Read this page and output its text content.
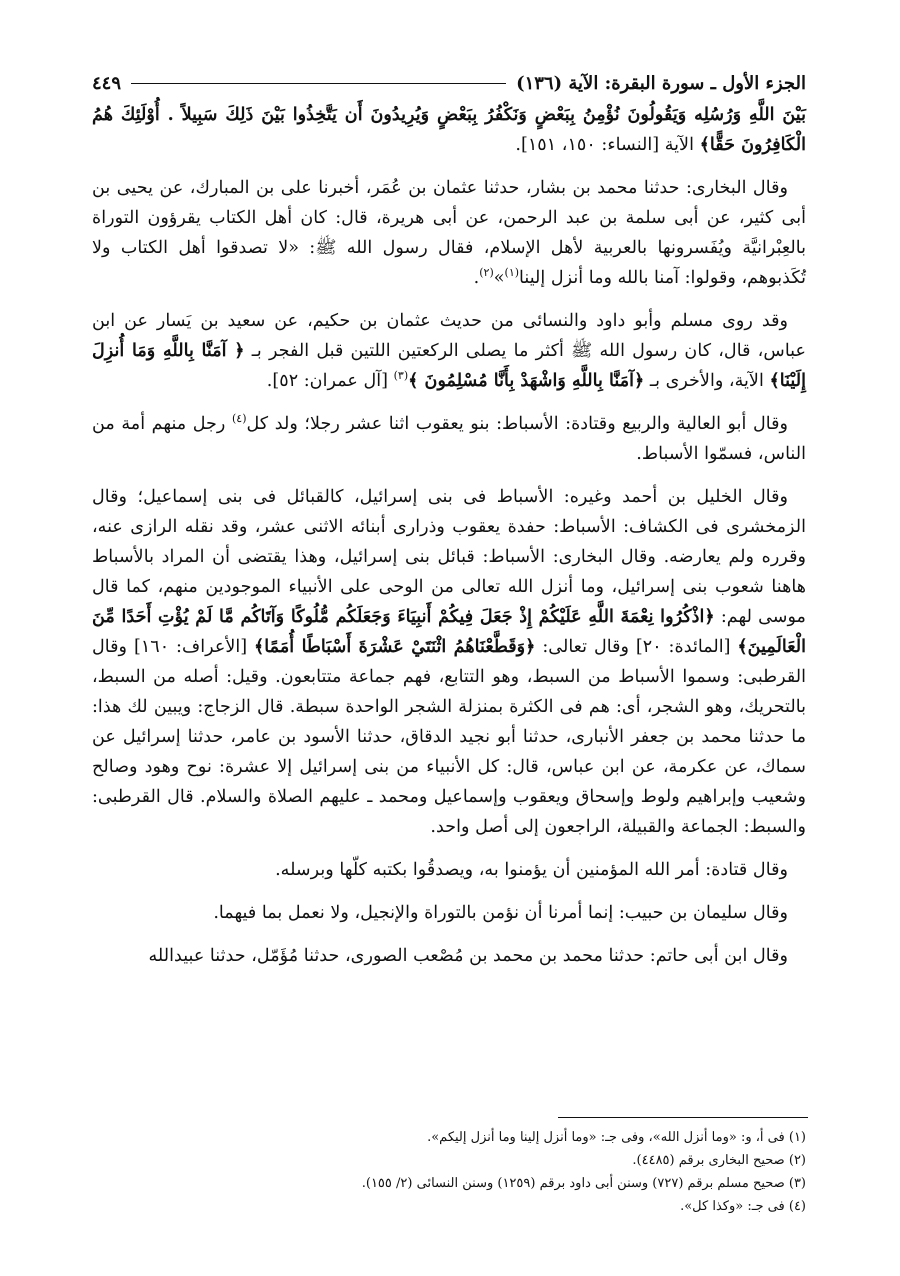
الجزء الأول ـ سورة البقرة: الآية (١٣٦)
٤٤٩

بَيْنَ اللَّهِ وَرُسُلِه وَيَقُولُونَ نُؤْمِنُ بِبَعْضٍ وَنَكْفُرُ بِبَعْضٍ وَيُرِيدُونَ أَن يَتَّخِذُوا بَيْنَ ذَلِكَ سَبِيلاً . أُوْلَئِكَ هُمُ الْكَافِرُونَ حَقًّا﴾ الآية [النساء: ١٥٠، ١٥١].

وقال البخارى: حدثنا محمد بن بشار، حدثنا عثمان بن عُمَر، أخبرنا على بن المبارك، عن يحيى بن أبى كثير، عن أبى سلمة بن عبد الرحمن، عن أبى هريرة، قال: كان أهل الكتاب يقرؤون التوراة بالعِبْرانيَّة ويُفَسرونها بالعربية لأهل الإسلام، فقال رسول الله ﷺ: «لا تصدقوا أهل الكتاب ولا تُكَذبوهم، وقولوا: آمنا بالله وما أنزل إلينا$^{(١)}$»$^{(٢)}$.

وقد روى مسلم وأبو داود والنسائى من حديث عثمان بن حكيم، عن سعيد بن يَسار عن ابن عباس، قال، كان رسول الله ﷺ أكثر ما يصلى الركعتين اللتين قبل الفجر بـ ﴿ آمَنَّا بِاللَّهِ وَمَا أُنزِلَ إِلَيْنَا﴾ الآية، والأخرى بـ ﴿آمَنَّا بِاللَّهِ وَاشْهَدْ بِأَنَّا مُسْلِمُونَ ﴾$^{(٣)}$ [آل عمران: ٥٢].

وقال أبو العالية والربيع وقتادة: الأسباط: بنو يعقوب اثنا عشر رجلا؛ ولد كل$^{(٤)}$ رجل منهم أمة من الناس، فسمّوا الأسباط.

وقال الخليل بن أحمد وغيره: الأسباط فى بنى إسرائيل، كالقبائل فى بنى إسماعيل؛ وقال الزمخشرى فى الكشاف: الأسباط: حفدة يعقوب وذرارى أبنائه الاثنى عشر، وقد نقله الرازى عنه، وقرره ولم يعارضه. وقال البخارى: الأسباط: قبائل بنى إسرائيل، وهذا يقتضى أن المراد بالأسباط هاهنا شعوب بنى إسرائيل، وما أنزل الله تعالى من الوحى على الأنبياء الموجودين منهم، كما قال موسى لهم: ﴿اذْكُرُوا نِعْمَةَ اللَّهِ عَلَيْكُمْ إِذْ جَعَلَ فِيكُمْ أَنبِيَاءَ وَجَعَلَكُم مُّلُوكًا وَآتَاكُم مَّا لَمْ يُؤْتِ أَحَدًا مِّنَ الْعَالَمِينَ﴾ [المائدة: ٢٠] وقال تعالى: ﴿وَقَطَّعْنَاهُمُ اثْنَتَيْ عَشْرَةَ أَسْبَاطًا أُمَمًا﴾ [الأعراف: ١٦٠] وقال القرطبى: وسموا الأسباط من السبط، وهو التتابع، فهم جماعة متتابعون. وقيل: أصله من السبط، بالتحريك، وهو الشجر، أى: هم فى الكثرة بمنزلة الشجر الواحدة سبطة. قال الزجاج: ويبين لك هذا: ما حدثنا محمد بن جعفر الأنبارى، حدثنا أبو نجيد الدقاق، حدثنا الأسود بن عامر، حدثنا إسرائيل عن سماك، عن عكرمة، عن ابن عباس، قال: كل الأنبياء من بنى إسرائيل إلا عشرة: نوح وهود وصالح وشعيب وإبراهيم ولوط وإسحاق ويعقوب وإسماعيل ومحمد ـ عليهم الصلاة والسلام. قال القرطبى: والسبط: الجماعة والقبيلة، الراجعون إلى أصل واحد.

وقال قتادة: أمر الله المؤمنين أن يؤمنوا به، ويصدقُوا بكتبه كلّها وبرسله.

وقال سليمان بن حبيب: إنما أمرنا أن نؤمن بالتوراة والإنجيل، ولا نعمل بما فيهما.

وقال ابن أبى حاتم: حدثنا محمد بن محمد بن مُصْعب الصورى، حدثنا مُؤَمّل، حدثنا عبيدالله

(١) فى أ، و: «وما أنزل الله»، وفى جـ: «وما أنزل إلينا وما أنزل إليكم».
(٢) صحيح البخارى برقم (٤٤٨٥).
(٣) صحيح مسلم برقم (٧٢٧) وسنن أبى داود برقم (١٢٥٩) وسنن النسائى (٢/ ١٥٥).
(٤) فى جـ: «وكذا كل».
